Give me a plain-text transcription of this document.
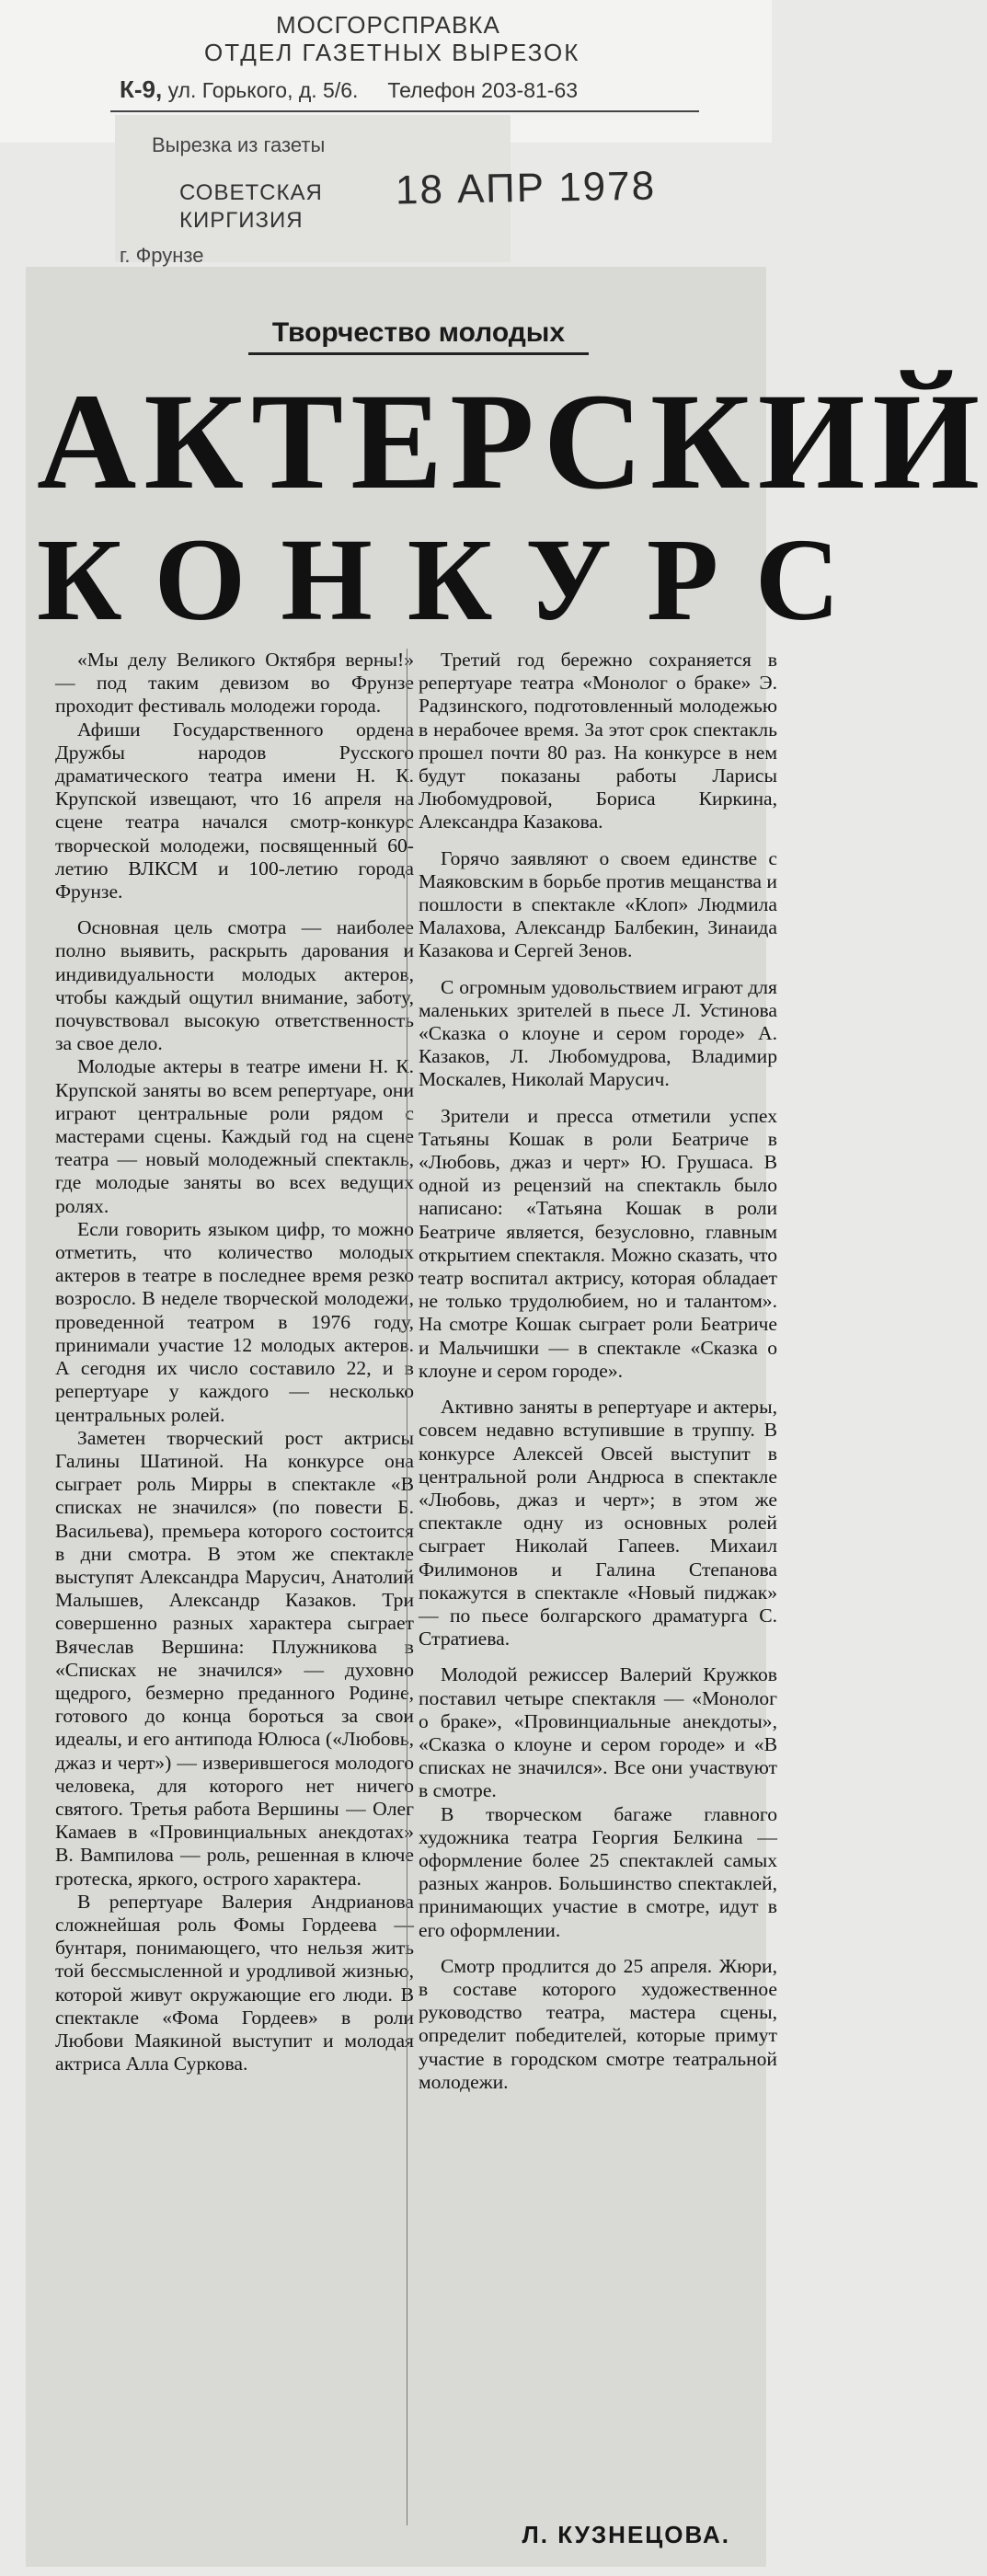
МОСГОРСПРАВКА
ОТДЕЛ ГАЗЕТНЫХ ВЫРЕЗОК
К-9, ул. Горького, д. 5/6. Телефон 203-81-63
Вырезка из газеты
СОВЕТСКАЯ
КИРГИЗИЯ
г. Фрунзе
18 АПР 1978
Творчество молодых
АКТЕРСКИЙ
КОНКУРС

«Мы делу Великого Октября верны!» — под таким девизом во Фрунзе проходит фестиваль молодежи города.

Афиши Государственного ордена Дружбы народов Русского драматического театра имени Н. К. Крупской извещают, что 16 апреля на сцене театра начался смотр-конкурс творческой молодежи, посвященный 60-летию ВЛКСМ и 100-летию города Фрунзе.

Основная цель смотра — наиболее полно выявить, раскрыть дарования и индивидуальности молодых актеров, чтобы каждый ощутил внимание, заботу, почувствовал высокую ответственность за свое дело.

Молодые актеры в театре имени Н. К. Крупской заняты во всем репертуаре, они играют центральные роли рядом с мастерами сцены. Каждый год на сцене театра — новый молодежный спектакль, где молодые заняты во всех ведущих ролях.

Если говорить языком цифр, то можно отметить, что количество молодых актеров в театре в последнее время резко возросло. В неделе творческой молодежи, проведенной театром в 1976 году, принимали участие 12 молодых актеров. А сегодня их число составило 22, и в репертуаре у каждого — несколько центральных ролей.

Заметен творческий рост актрисы Галины Шатиной. На конкурсе она сыграет роль Мирры в спектакле «В списках не значился» (по повести Б. Васильева), премьера которого состоится в дни смотра. В этом же спектакле выступят Александра Марусич, Анатолий Малышев, Александр Казаков. Три совершенно разных характера сыграет Вячеслав Вершина: Плужникова в «Списках не значился» — духовно щедрого, безмерно преданного Родине, готового до конца бороться за свои идеалы, и его антипода Юлюса («Любовь, джаз и черт») — изверившегося молодого человека, для которого нет ничего святого. Третья работа Вершины — Олег Камаев в «Провинциальных анекдотах» В. Вампилова — роль, решенная в ключе гротеска, яркого, острого характера.

В репертуаре Валерия Андрианова сложнейшая роль Фомы Гордеева — бунтаря, понимающего, что нельзя жить той бессмысленной и уродливой жизнью, которой живут окружающие его люди. В спектакле «Фома Гордеев» в роли Любови Маякиной выступит и молодая актриса Алла Суркова.

Третий год бережно сохраняется в репертуаре театра «Монолог о браке» Э. Радзинского, подготовленный молодежью в нерабочее время. За этот срок спектакль прошел почти 80 раз. На конкурсе в нем будут показаны работы Ларисы Любомудровой, Бориса Киркина, Александра Казакова.

Горячо заявляют о своем единстве с Маяковским в борьбе против мещанства и пошлости в спектакле «Клоп» Людмила Малахова, Александр Балбекин, Зинаида Казакова и Сергей Зенов.

С огромным удовольствием играют для маленьких зрителей в пьесе Л. Устинова «Сказка о клоуне и сером городе» А. Казаков, Л. Любомудрова, Владимир Москалев, Николай Марусич.

Зрители и пресса отметили успех Татьяны Кошак в роли Беатриче в «Любовь, джаз и черт» Ю. Грушаса. В одной из рецензий на спектакль было написано: «Татьяна Кошак в роли Беатриче является, безусловно, главным открытием спектакля. Можно сказать, что театр воспитал актрису, которая обладает не только трудолюбием, но и талантом». На смотре Кошак сыграет роли Беатриче и Мальчишки — в спектакле «Сказка о клоуне и сером городе».

Активно заняты в репертуаре и актеры, совсем недавно вступившие в труппу. В конкурсе Алексей Овсей выступит в центральной роли Андрюса в спектакле «Любовь, джаз и черт»; в этом же спектакле одну из основных ролей сыграет Николай Гапеев. Михаил Филимонов и Галина Степанова покажутся в спектакле «Новый пиджак» — по пьесе болгарского драматурга С. Стратиева.

Молодой режиссер Валерий Кружков поставил четыре спектакля — «Монолог о браке», «Провинциальные анекдоты», «Сказка о клоуне и сером городе» и «В списках не значился». Все они участвуют в смотре.

В творческом багаже главного художника театра Георгия Белкина — оформление более 25 спектаклей самых разных жанров. Большинство спектаклей, принимающих участие в смотре, идут в его оформлении.

Смотр продлится до 25 апреля. Жюри, в составе которого художественное руководство театра, мастера сцены, определит победителей, которые примут участие в городском смотре театральной молодежи.

Л. КУЗНЕЦОВА.
